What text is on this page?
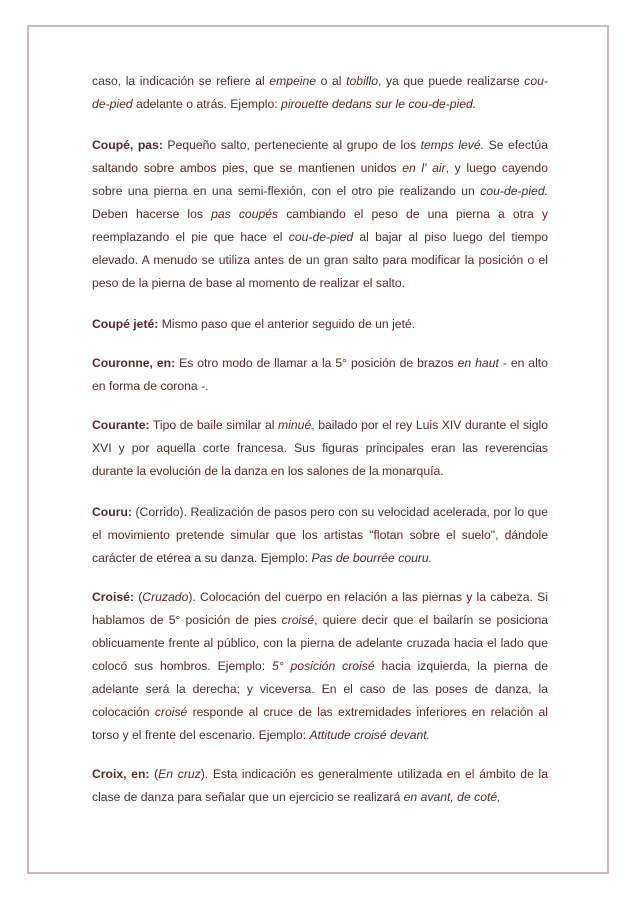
caso, la indicación se refiere al empeine o al tobillo, ya que puede realizarse cou-de-pied adelante o atrás. Ejemplo: pirouette dedans sur le cou-de-pied.

Coupé, pas: Pequeño salto, perteneciente al grupo de los temps levé. Se efectúa saltando sobre ambos pies, que se mantienen unidos en l' air, y luego cayendo sobre una pierna en una semi-flexión, con el otro pie realizando un cou-de-pied. Deben hacerse los pas coupés cambiando el peso de una pierna a otra y reemplazando el pie que hace el cou-de-pied al bajar al piso luego del tiempo elevado. A menudo se utiliza antes de un gran salto para modificar la posición o el peso de la pierna de base al momento de realizar el salto.

Coupé jeté: Mismo paso que el anterior seguido de un jeté.

Couronne, en: Es otro modo de llamar a la 5° posición de brazos en haut - en alto en forma de corona -.

Courante: Tipo de baile similar al minué, bailado por el rey Luis XIV durante el siglo XVI y por aquella corte francesa. Sus figuras principales eran las reverencias durante la evolución de la danza en los salones de la monarquía.

Couru: (Corrido). Realización de pasos pero con su velocidad acelerada, por lo que el movimiento pretende simular que los artistas "flotan sobre el suelo", dándole carácter de etérea a su danza. Ejemplo: Pas de bourrée couru.

Croisé: (Cruzado). Colocación del cuerpo en relación a las piernas y la cabeza. Si hablamos de 5° posición de pies croisé, quiere decir que el bailarín se posiciona oblicuamente frente al público, con la pierna de adelante cruzada hacia el lado que colocó sus hombros. Ejemplo: 5° posición croisé hacia izquierda, la pierna de adelante será la derecha; y viceversa. En el caso de las poses de danza, la colocación croisé responde al cruce de las extremidades inferiores en relación al torso y el frente del escenario. Ejemplo: Attitude croisé devant.

Croix, en: (En cruz). Esta indicación es generalmente utilizada en el ámbito de la clase de danza para señalar que un ejercicio se realizará en avant, de coté,
